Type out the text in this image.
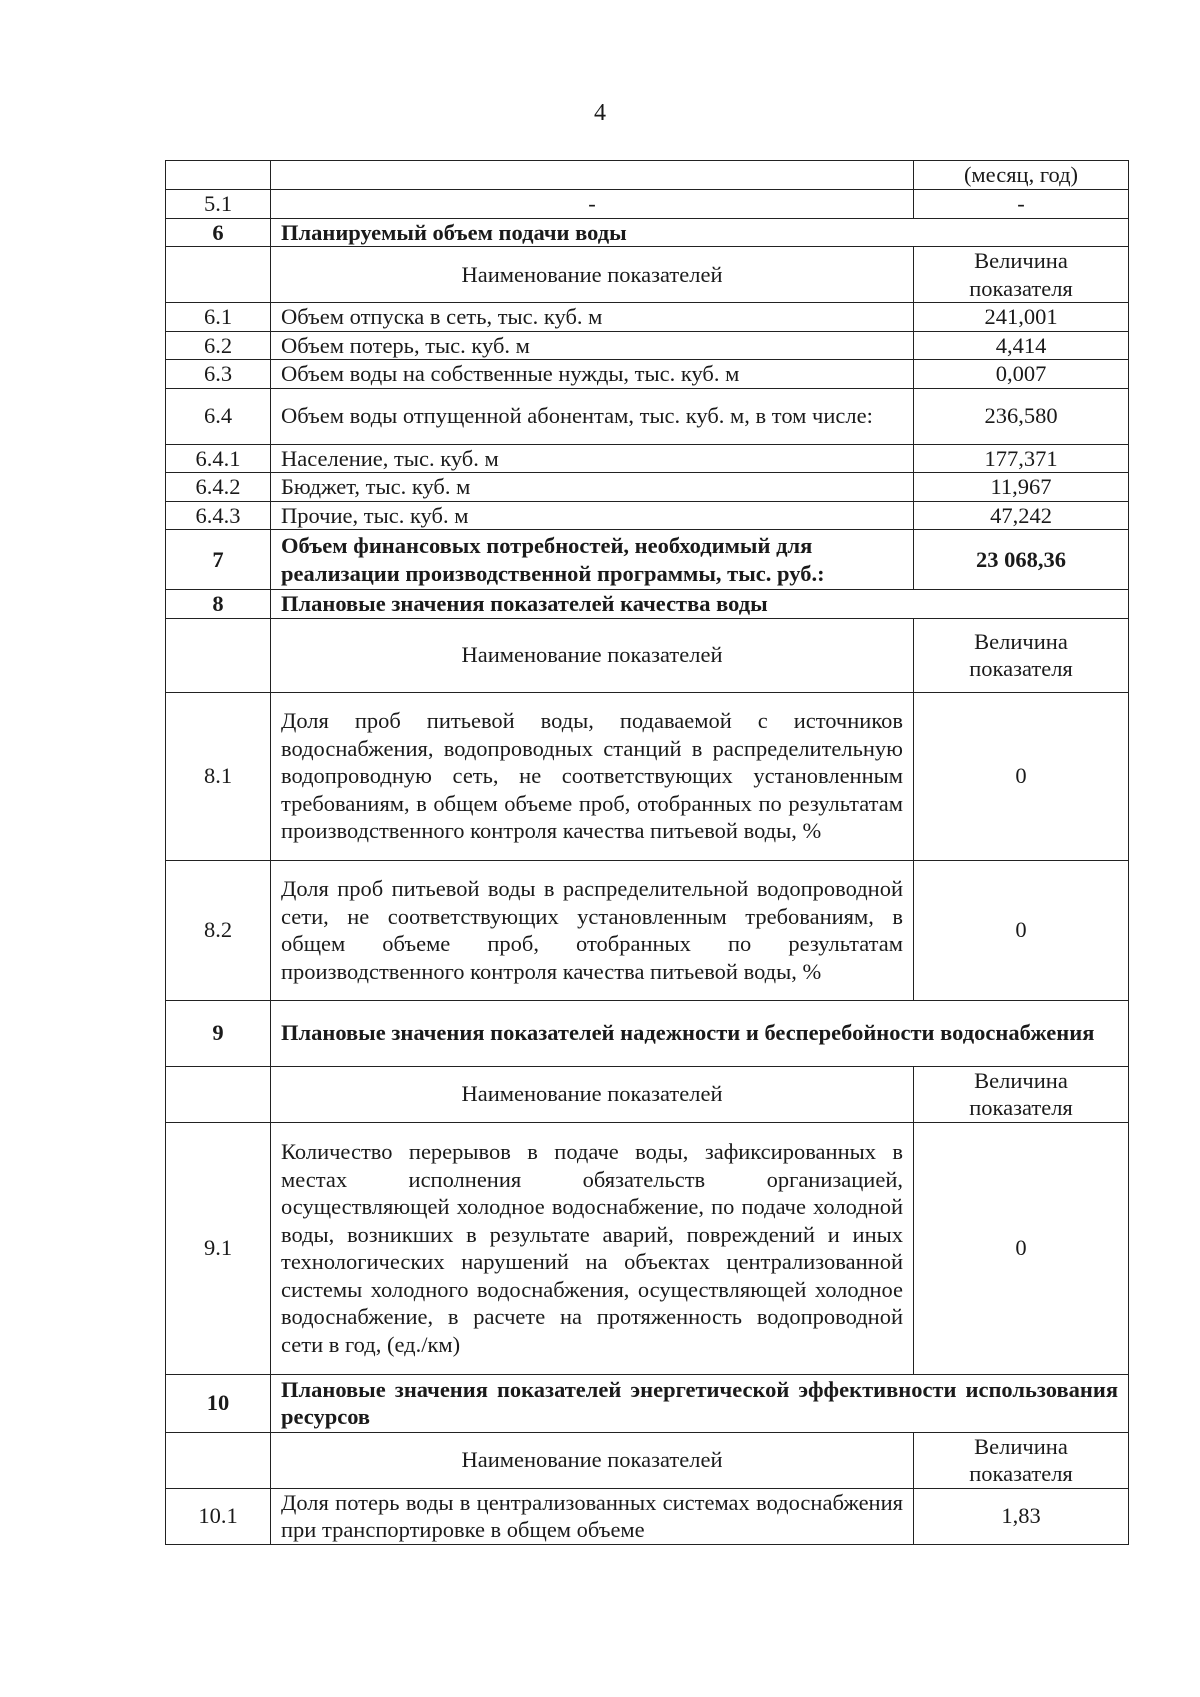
4
		(месяц, год)
5.1	-	-
6	Планируемый объем подачи воды	
	Наименование показателей	Величина показателя
6.1	Объем отпуска в сеть, тыс. куб. м	241,001
6.2	Объем потерь, тыс. куб. м	4,414
6.3	Объем воды на собственные нужды, тыс. куб. м	0,007
6.4	Объем воды отпущенной абонентам, тыс. куб. м, в том числе:	236,580
6.4.1	Население, тыс. куб. м	177,371
6.4.2	Бюджет, тыс. куб. м	11,967
6.4.3	Прочие, тыс. куб. м	47,242
7	Объем финансовых потребностей, необходимый для реализации производственной программы, тыс. руб.:	23 068,36
8	Плановые значения показателей качества воды	
	Наименование показателей	Величина показателя
8.1	Доля проб питьевой воды, подаваемой с источников водоснабжения, водопроводных станций в распределительную водопроводную сеть, не соответствующих установленным требованиям, в общем объеме проб, отобранных по результатам производственного контроля качества питьевой воды, %	0
8.2	Доля проб питьевой воды в распределительной водопроводной сети, не соответствующих установленным требованиям, в общем объеме проб, отобранных по результатам производственного контроля качества питьевой воды, %	0
9	Плановые значения показателей надежности и бесперебойности водоснабжения	
	Наименование показателей	Величина показателя
9.1	Количество перерывов в подаче воды, зафиксированных в местах исполнения обязательств организацией, осуществляющей холодное водоснабжение, по подаче холодной воды, возникших в результате аварий, повреждений и иных технологических нарушений на объектах централизованной системы холодного водоснабжения, осуществляющей холодное водоснабжение, в расчете на протяженность водопроводной сети в год, (ед./км)	0
10	Плановые значения показателей энергетической эффективности использования ресурсов	
	Наименование показателей	Величина показателя
10.1	Доля потерь воды в централизованных системах водоснабжения при транспортировке в общем объеме	1,83
